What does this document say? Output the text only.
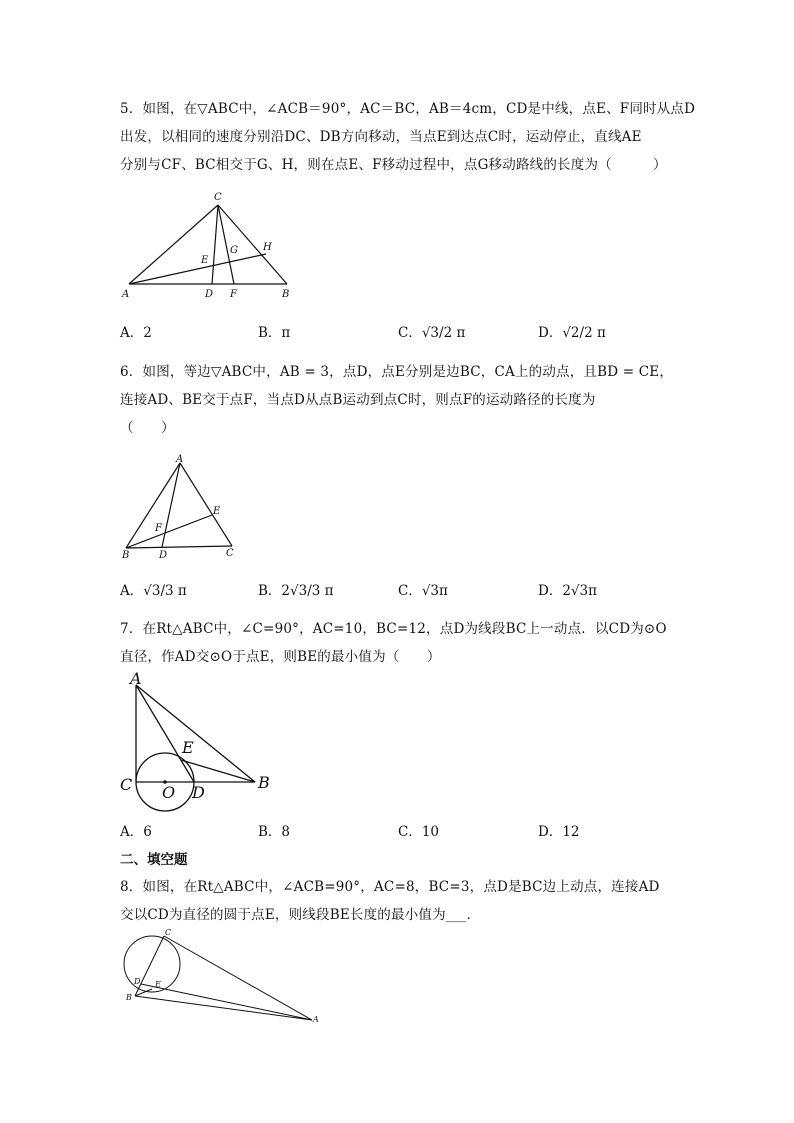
5．如图，在▽ABC中，∠ACB＝90°，AC＝BC，AB＝4cm，CD是中线，点E、F同时从点D
出发，以相同的速度分别沿DC、DB方向移动，当点E到达点C时，运动停止，直线AE
分别与CF、BC相交于G、H，则在点E、F移动过程中，点G移动路线的长度为（　　　）
C
A	D F	B
E
G	H
A．2	B．π	C．√3/2 π	D．√2/2 π
6．如图，等边▽ABC中，AB = 3，点D，点E分别是边BC，CA上的动点，且BD = CE，
连接AD、BE交于点F，当点D从点B运动到点C时，则点F的运动路径的长度为
（　　）
A
B	D	C
E
F
A．√3/3 π	B．2√3/3 π	C．√3π	D．2√3π
7．在Rt△ABC中，∠C=90°，AC=10，BC=12，点D为线段BC上一动点．以CD为⊙O
直径，作AD交⊙O于点E，则BE的最小值为（　　）
A
C O D
E
B
A．6	B．8	C．10	D．12
二、填空题
8．如图，在Rt△ABC中，∠ACB=90°，AC=8，BC=3，点D是BC边上动点，连接AD
交以CD为直径的圆于点E，则线段BE长度的最小值为___．
C
D E
B
A
